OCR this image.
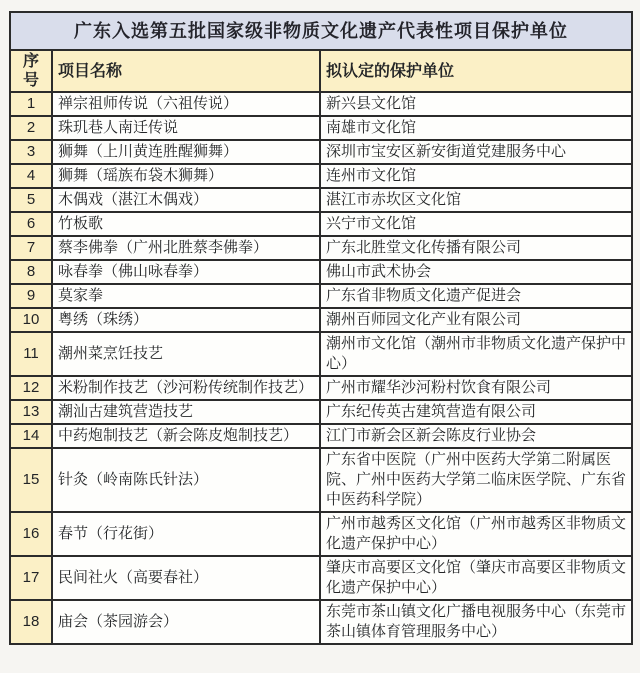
广东入选第五批国家级非物质文化遗产代表性项目保护单位
序号	项目名称	拟认定的保护单位
1	禅宗祖师传说（六祖传说）	新兴县文化馆
2	珠玑巷人南迁传说	南雄市文化馆
3	狮舞（上川黄连胜醒狮舞）	深圳市宝安区新安街道党建服务中心
4	狮舞（瑶族布袋木狮舞）	连州市文化馆
5	木偶戏（湛江木偶戏）	湛江市赤坎区文化馆
6	竹板歌	兴宁市文化馆
7	蔡李佛拳（广州北胜蔡李佛拳）	广东北胜堂文化传播有限公司
8	咏春拳（佛山咏春拳）	佛山市武术协会
9	莫家拳	广东省非物质文化遗产促进会
10	粤绣（珠绣）	潮州百师园文化产业有限公司
11	潮州菜烹饪技艺	潮州市文化馆（潮州市非物质文化遗产保护中心）
12	米粉制作技艺（沙河粉传统制作技艺）	广州市耀华沙河粉村饮食有限公司
13	潮汕古建筑营造技艺	广东纪传英古建筑营造有限公司
14	中药炮制技艺（新会陈皮炮制技艺）	江门市新会区新会陈皮行业协会
15	针灸（岭南陈氏针法）	广东省中医院（广州中医药大学第二附属医院、广州中医药大学第二临床医学院、广东省中医药科学院）
16	春节（行花街）	广州市越秀区文化馆（广州市越秀区非物质文化遗产保护中心）
17	民间社火（高要春社）	肇庆市高要区文化馆（肇庆市高要区非物质文化遗产保护中心）
18	庙会（茶园游会）	东莞市茶山镇文化广播电视服务中心（东莞市茶山镇体育管理服务中心）
